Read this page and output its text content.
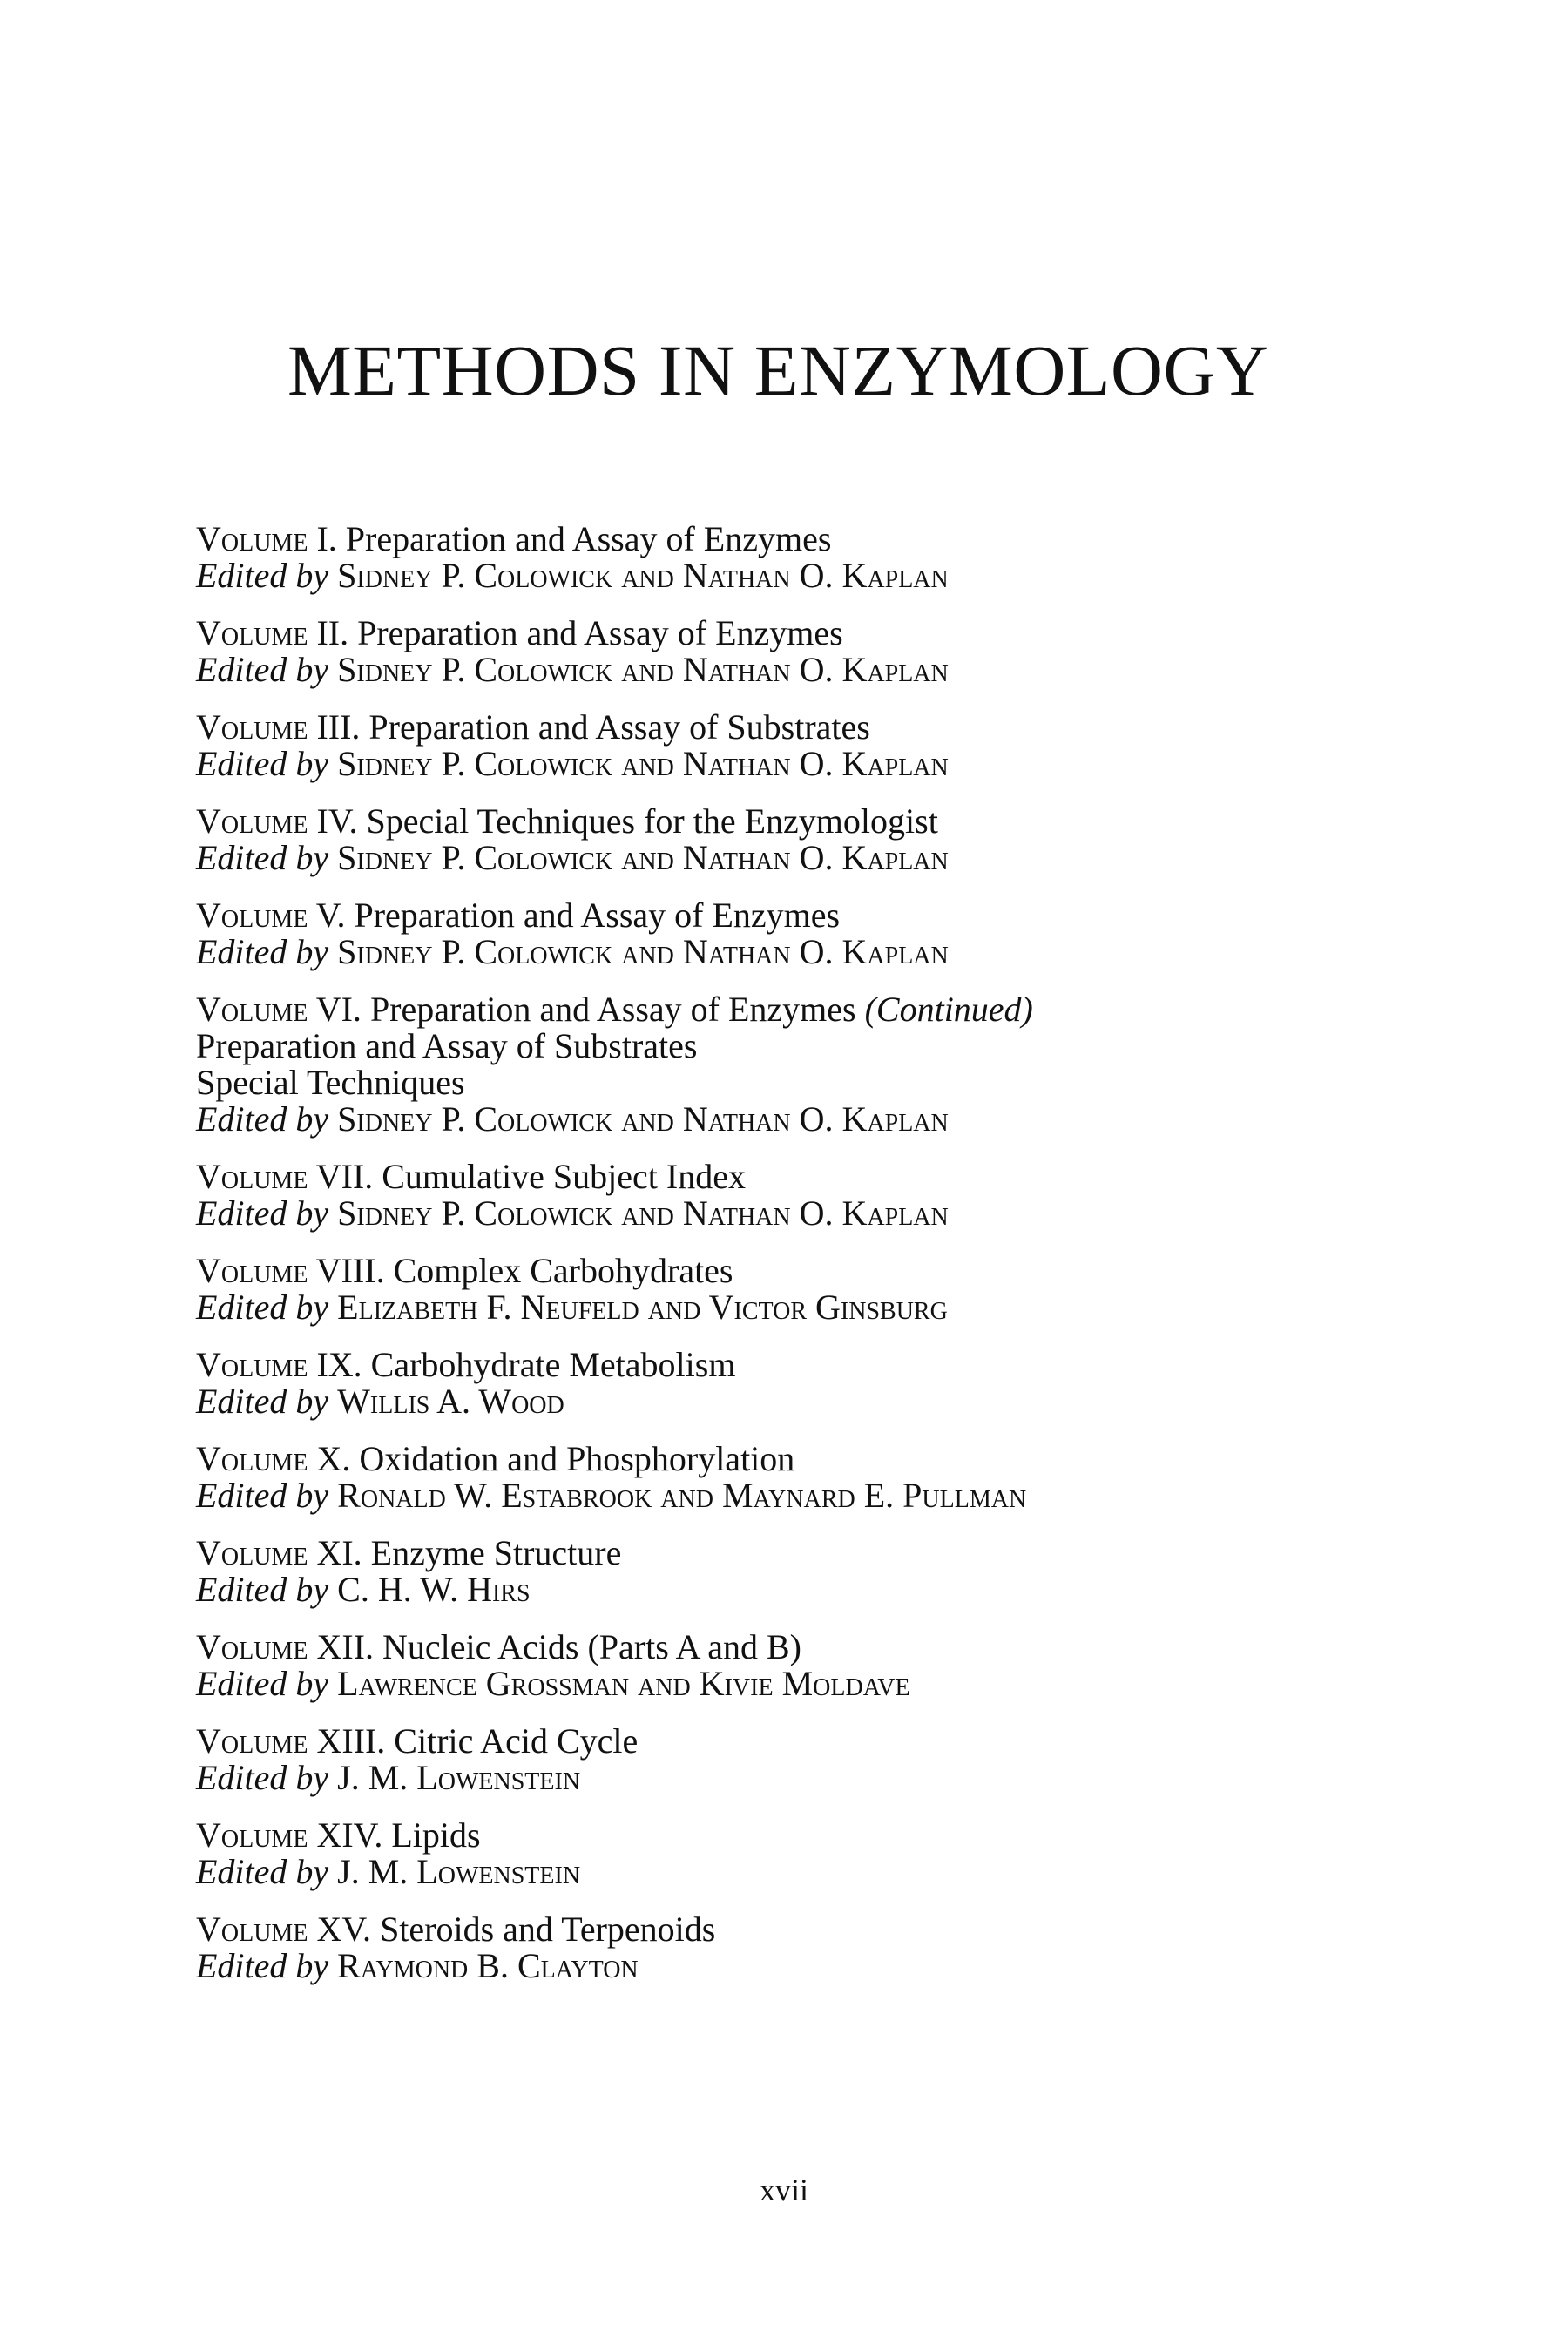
METHODS IN ENZYMOLOGY
Volume I. Preparation and Assay of Enzymes
Edited by Sidney P. Colowick and Nathan O. Kaplan
Volume II. Preparation and Assay of Enzymes
Edited by Sidney P. Colowick and Nathan O. Kaplan
Volume III. Preparation and Assay of Substrates
Edited by Sidney P. Colowick and Nathan O. Kaplan
Volume IV. Special Techniques for the Enzymologist
Edited by Sidney P. Colowick and Nathan O. Kaplan
Volume V. Preparation and Assay of Enzymes
Edited by Sidney P. Colowick and Nathan O. Kaplan
Volume VI. Preparation and Assay of Enzymes (Continued)
Preparation and Assay of Substrates
Special Techniques
Edited by Sidney P. Colowick and Nathan O. Kaplan
Volume VII. Cumulative Subject Index
Edited by Sidney P. Colowick and Nathan O. Kaplan
Volume VIII. Complex Carbohydrates
Edited by Elizabeth F. Neufeld and Victor Ginsburg
Volume IX. Carbohydrate Metabolism
Edited by Willis A. Wood
Volume X. Oxidation and Phosphorylation
Edited by Ronald W. Estabrook and Maynard E. Pullman
Volume XI. Enzyme Structure
Edited by C. H. W. Hirs
Volume XII. Nucleic Acids (Parts A and B)
Edited by Lawrence Grossman and Kivie Moldave
Volume XIII. Citric Acid Cycle
Edited by J. M. Lowenstein
Volume XIV. Lipids
Edited by J. M. Lowenstein
Volume XV. Steroids and Terpenoids
Edited by Raymond B. Clayton
xvii
